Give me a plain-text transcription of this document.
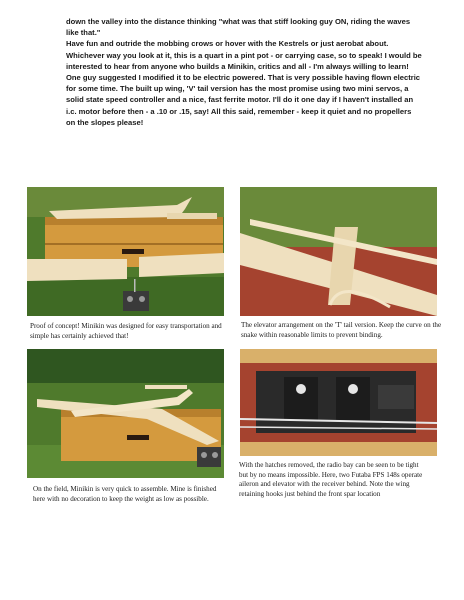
down the valley into the distance thinking "what was that stiff looking guy ON, riding the waves like that."

Have fun and outride the mobbing crows or hover with the Kestrels or just aerobat about. Whichever way you look at it, this is a quart in a pint pot - or carrying case, so to speak! I would be interested to hear from anyone who builds a Minikin, critics and all - I'm always willing to learn! One guy suggested I modified it to be electric powered. That is very possible having flown electric for some time. The built up wing, 'V' tail version has the most promise using two mini servos, a solid state speed controller and a nice, fast ferrite motor. I'll do it one day if I haven't installed an i.c. motor before then - a .10 or .15, say! All this said, remember - keep it quiet and no propellers on the slopes please!

Proof of concept! Minikin was designed for easy transportation and simple has certainly achieved that!

The elevator arrangement on the 'T' tail version. Keep the curve on the snake within reasonable limits to prevent binding.

On the field, Minikin is very quick to assemble. Mine is finished here with no decoration to keep the weight as low as possible.

With the hatches removed, the radio bay can be seen to be tight but by no means impossible. Here, two Futaba FPS 148s operate aileron and elevator with the receiver behind. Note the wing retaining hooks just behind the front spar location
